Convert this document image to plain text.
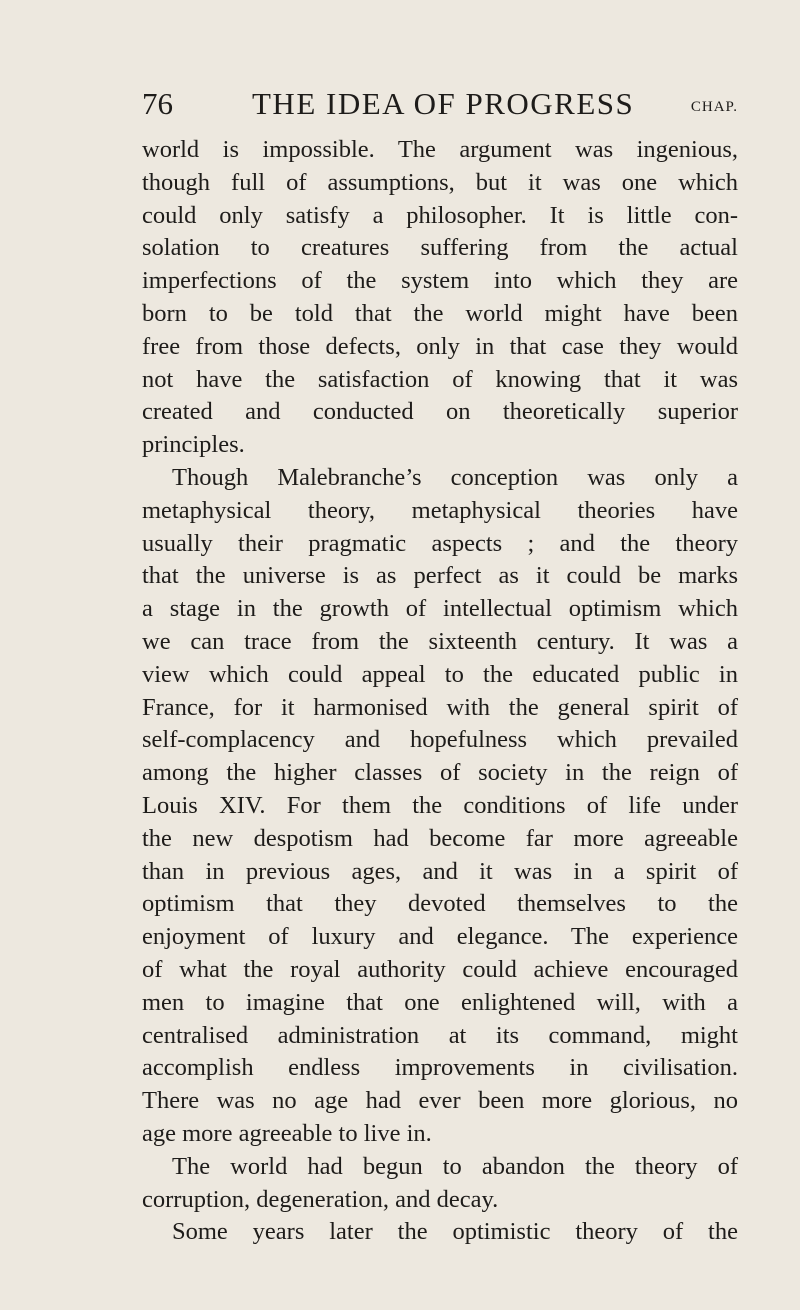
76	THE IDEA OF PROGRESS	CHAP.
world is impossible. The argument was ingenious,
though full of assumptions, but it was one which
could only satisfy a philosopher. It is little con-
solation to creatures suffering from the actual
imperfections of the system into which they are
born to be told that the world might have been
free from those defects, only in that case they would
not have the satisfaction of knowing that it was
created and conducted on theoretically superior
principles.
Though Malebranche’s conception was only a
metaphysical theory, metaphysical theories have
usually their pragmatic aspects ; and the theory
that the universe is as perfect as it could be marks
a stage in the growth of intellectual optimism which
we can trace from the sixteenth century. It was a
view which could appeal to the educated public in
France, for it harmonised with the general spirit of
self-complacency and hopefulness which prevailed
among the higher classes of society in the reign of
Louis XIV. For them the conditions of life under
the new despotism had become far more agreeable
than in previous ages, and it was in a spirit of
optimism that they devoted themselves to the
enjoyment of luxury and elegance. The experience
of what the royal authority could achieve encouraged
men to imagine that one enlightened will, with a
centralised administration at its command, might
accomplish endless improvements in civilisation.
There was no age had ever been more glorious, no
age more agreeable to live in.
The world had begun to abandon the theory of
corruption, degeneration, and decay.
Some years later the optimistic theory of the
